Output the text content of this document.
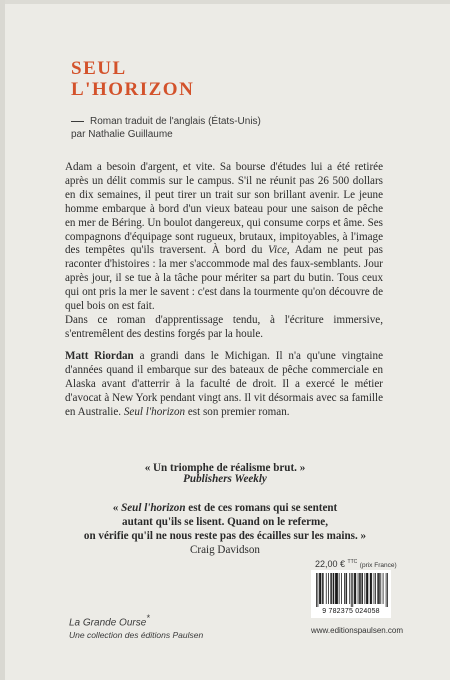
SEUL
L'HORIZON
Roman traduit de l'anglais (États-Unis)
par Nathalie Guillaume

Adam a besoin d'argent, et vite. Sa bourse d'études lui a été retirée après un délit commis sur le campus. S'il ne réunit pas 26 500 dollars en dix semaines, il peut tirer un trait sur son brillant avenir. Le jeune homme embarque à bord d'un vieux bateau pour une saison de pêche en mer de Béring. Un boulot dangereux, qui consume corps et âme. Ses compagnons d'équipage sont rugueux, brutaux, impitoyables, à l'image des tempêtes qu'ils traversent. À bord du Vice, Adam ne peut pas raconter d'histoires : la mer s'accommode mal des faux-semblants. Jour après jour, il se tue à la tâche pour mériter sa part du butin. Tous ceux qui ont pris la mer le savent : c'est dans la tourmente qu'on découvre de quel bois on est fait.

Dans ce roman d'apprentissage tendu, à l'écriture immersive, s'entremêlent des destins forgés par la houle.

Matt Riordan a grandi dans le Michigan. Il n'a qu'une vingtaine d'années quand il embarque sur des bateaux de pêche commerciale en Alaska avant d'atterrir à la faculté de droit. Il a exercé le métier d'avocat à New York pendant vingt ans. Il vit désormais avec sa famille en Australie. Seul l'horizon est son premier roman.

« Un triomphe de réalisme brut. »
Publishers Weekly
« Seul l'horizon est de ces romans qui se sentent
autant qu'ils se lisent. Quand on le referme,
on vérifie qu'il ne nous reste pas des écailles sur les mains. »
Craig Davidson
22,00 € $^{TTC}$ (prix France)
9 782375 024058
La Grande Ourse*
Une collection des éditions Paulsen	www.editionspaulsen.com
